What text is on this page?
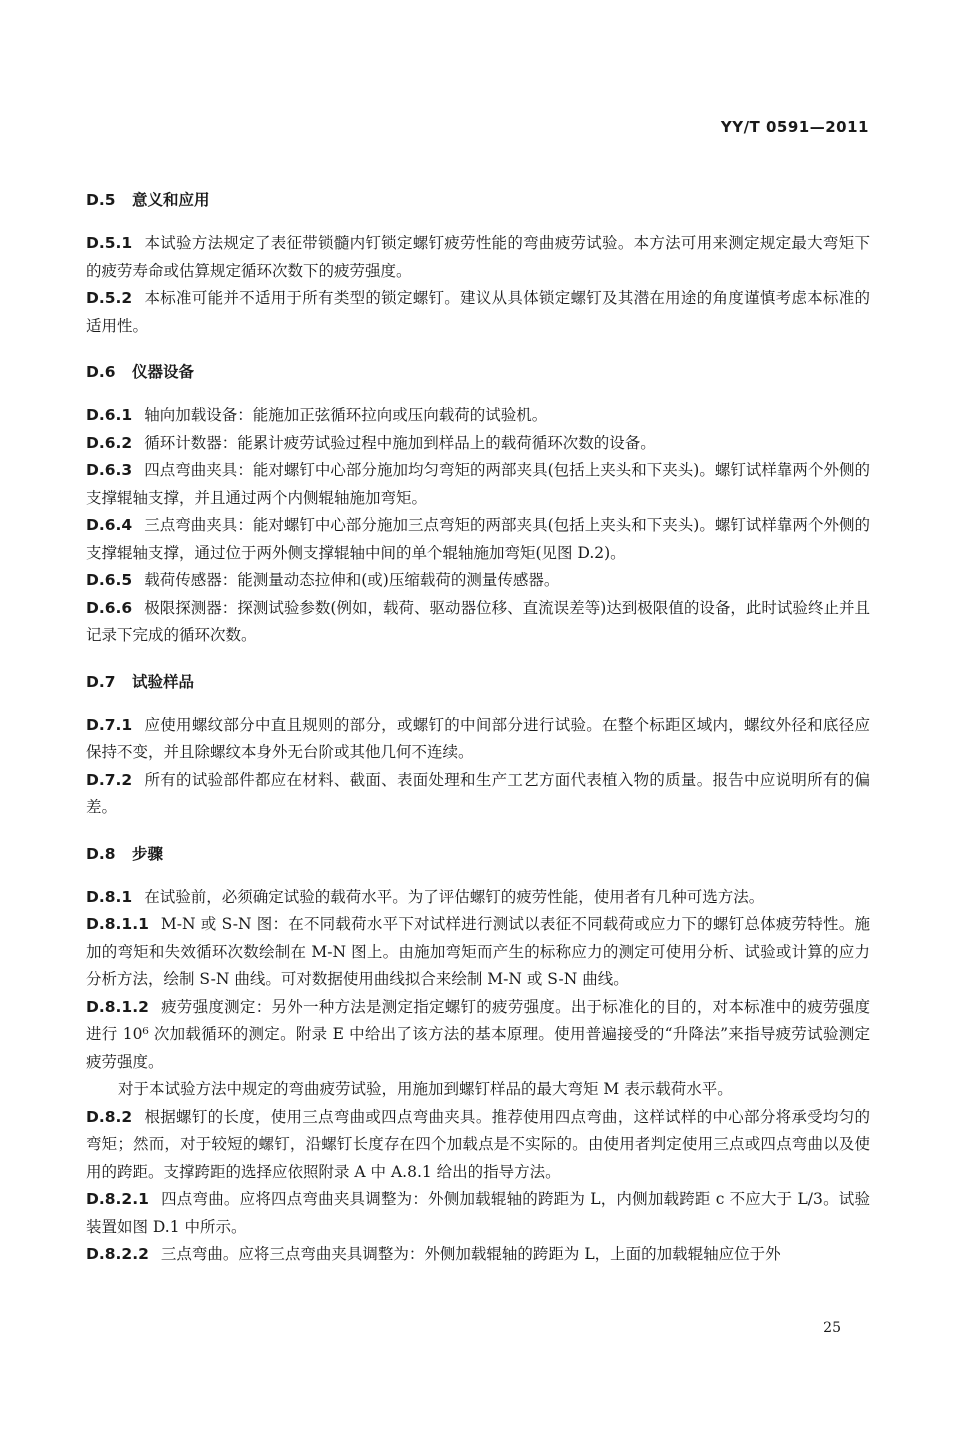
YY/T 0591—2011
D.5 意义和应用

D.5.1 本试验方法规定了表征带锁髓内钉锁定螺钉疲劳性能的弯曲疲劳试验。本方法可用来测定规定最大弯矩下的疲劳寿命或估算规定循环次数下的疲劳强度。

D.5.2 本标准可能并不适用于所有类型的锁定螺钉。建议从具体锁定螺钉及其潜在用途的角度谨慎考虑本标准的适用性。

D.6 仪器设备

D.6.1 轴向加载设备：能施加正弦循环拉向或压向载荷的试验机。

D.6.2 循环计数器：能累计疲劳试验过程中施加到样品上的载荷循环次数的设备。

D.6.3 四点弯曲夹具：能对螺钉中心部分施加均匀弯矩的两部夹具(包括上夹头和下夹头)。螺钉试样靠两个外侧的支撑辊轴支撑，并且通过两个内侧辊轴施加弯矩。

D.6.4 三点弯曲夹具：能对螺钉中心部分施加三点弯矩的两部夹具(包括上夹头和下夹头)。螺钉试样靠两个外侧的支撑辊轴支撑，通过位于两外侧支撑辊轴中间的单个辊轴施加弯矩(见图 D.2)。

D.6.5 载荷传感器：能测量动态拉伸和(或)压缩载荷的测量传感器。

D.6.6 极限探测器：探测试验参数(例如，载荷、驱动器位移、直流误差等)达到极限值的设备，此时试验终止并且记录下完成的循环次数。

D.7 试验样品

D.7.1 应使用螺纹部分中直且规则的部分，或螺钉的中间部分进行试验。在整个标距区域内，螺纹外径和底径应保持不变，并且除螺纹本身外无台阶或其他几何不连续。

D.7.2 所有的试验部件都应在材料、截面、表面处理和生产工艺方面代表植入物的质量。报告中应说明所有的偏差。

D.8 步骤

D.8.1 在试验前，必须确定试验的载荷水平。为了评估螺钉的疲劳性能，使用者有几种可选方法。

D.8.1.1 M-N 或 S-N 图：在不同载荷水平下对试样进行测试以表征不同载荷或应力下的螺钉总体疲劳特性。施加的弯矩和失效循环次数绘制在 M-N 图上。由施加弯矩而产生的标称应力的测定可使用分析、试验或计算的应力分析方法，绘制 S-N 曲线。可对数据使用曲线拟合来绘制 M-N 或 S-N 曲线。

D.8.1.2 疲劳强度测定：另外一种方法是测定指定螺钉的疲劳强度。出于标准化的目的，对本标准中的疲劳强度进行 10⁶ 次加载循环的测定。附录 E 中给出了该方法的基本原理。使用普遍接受的“升降法”来指导疲劳试验测定疲劳强度。

对于本试验方法中规定的弯曲疲劳试验，用施加到螺钉样品的最大弯矩 M 表示载荷水平。

D.8.2 根据螺钉的长度，使用三点弯曲或四点弯曲夹具。推荐使用四点弯曲，这样试样的中心部分将承受均匀的弯矩；然而，对于较短的螺钉，沿螺钉长度存在四个加载点是不实际的。由使用者判定使用三点或四点弯曲以及使用的跨距。支撑跨距的选择应依照附录 A 中 A.8.1 给出的指导方法。

D.8.2.1 四点弯曲。应将四点弯曲夹具调整为：外侧加载辊轴的跨距为 L，内侧加载跨距 c 不应大于 L/3。试验装置如图 D.1 中所示。

D.8.2.2 三点弯曲。应将三点弯曲夹具调整为：外侧加载辊轴的跨距为 L，上面的加载辊轴应位于外

25
